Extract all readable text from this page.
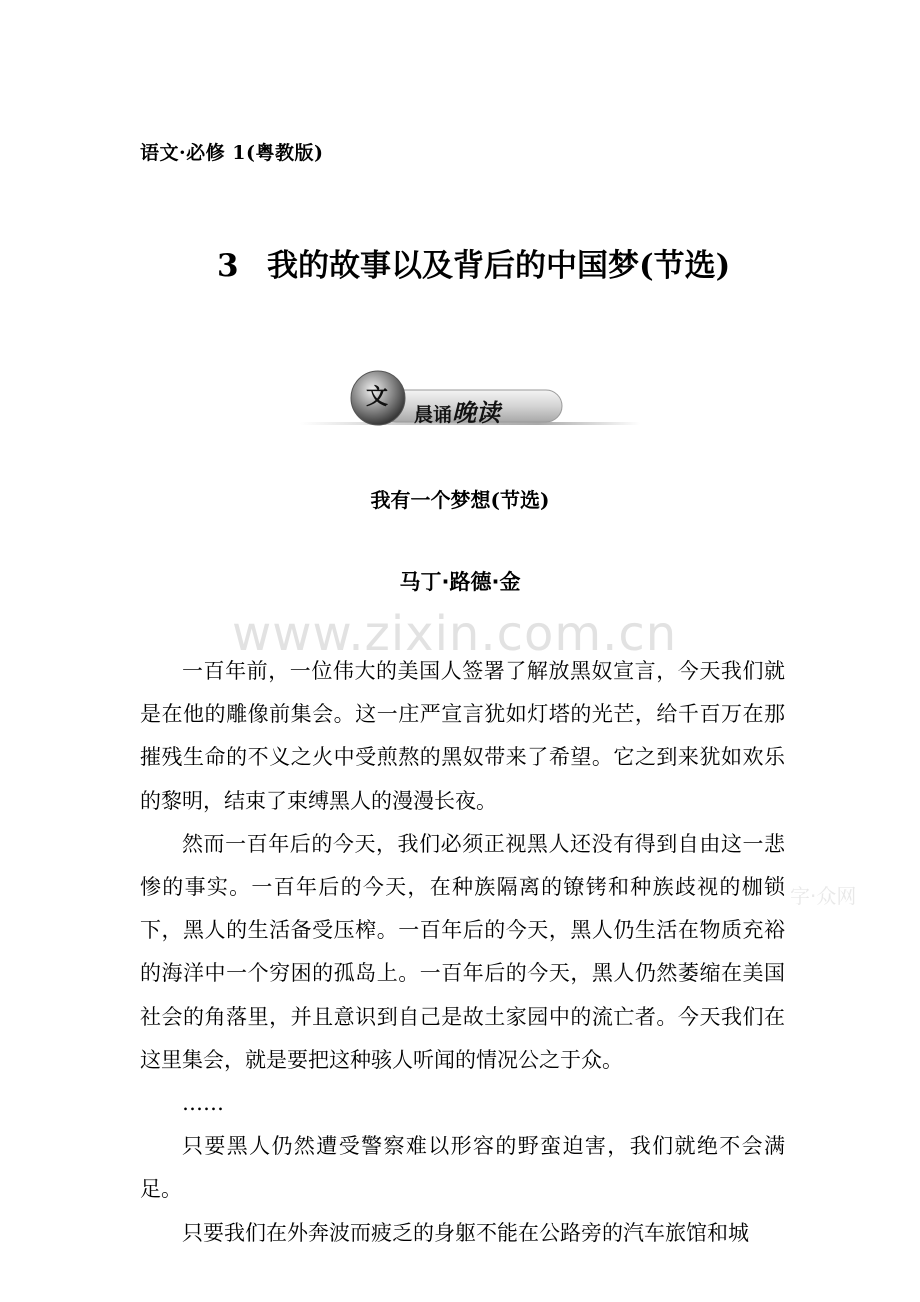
语文·必修 1(粤教版)
3 我的故事以及背后的中国梦(节选)
文
晨诵晚读
我有一个梦想(节选)
马丁·路德·金
www.zixin.com.cn
字·众网

一百年前，一位伟大的美国人签署了解放黑奴宣言，今天我们就是在他的雕像前集会。这一庄严宣言犹如灯塔的光芒，给千百万在那摧残生命的不义之火中受煎熬的黑奴带来了希望。它之到来犹如欢乐的黎明，结束了束缚黑人的漫漫长夜。

然而一百年后的今天，我们必须正视黑人还没有得到自由这一悲惨的事实。一百年后的今天，在种族隔离的镣铐和种族歧视的枷锁下，黑人的生活备受压榨。一百年后的今天，黑人仍生活在物质充裕的海洋中一个穷困的孤岛上。一百年后的今天，黑人仍然萎缩在美国社会的角落里，并且意识到自己是故土家园中的流亡者。今天我们在这里集会，就是要把这种骇人听闻的情况公之于众。

……

只要黑人仍然遭受警察难以形容的野蛮迫害，我们就绝不会满足。

只要我们在外奔波而疲乏的身躯不能在公路旁的汽车旅馆和城
